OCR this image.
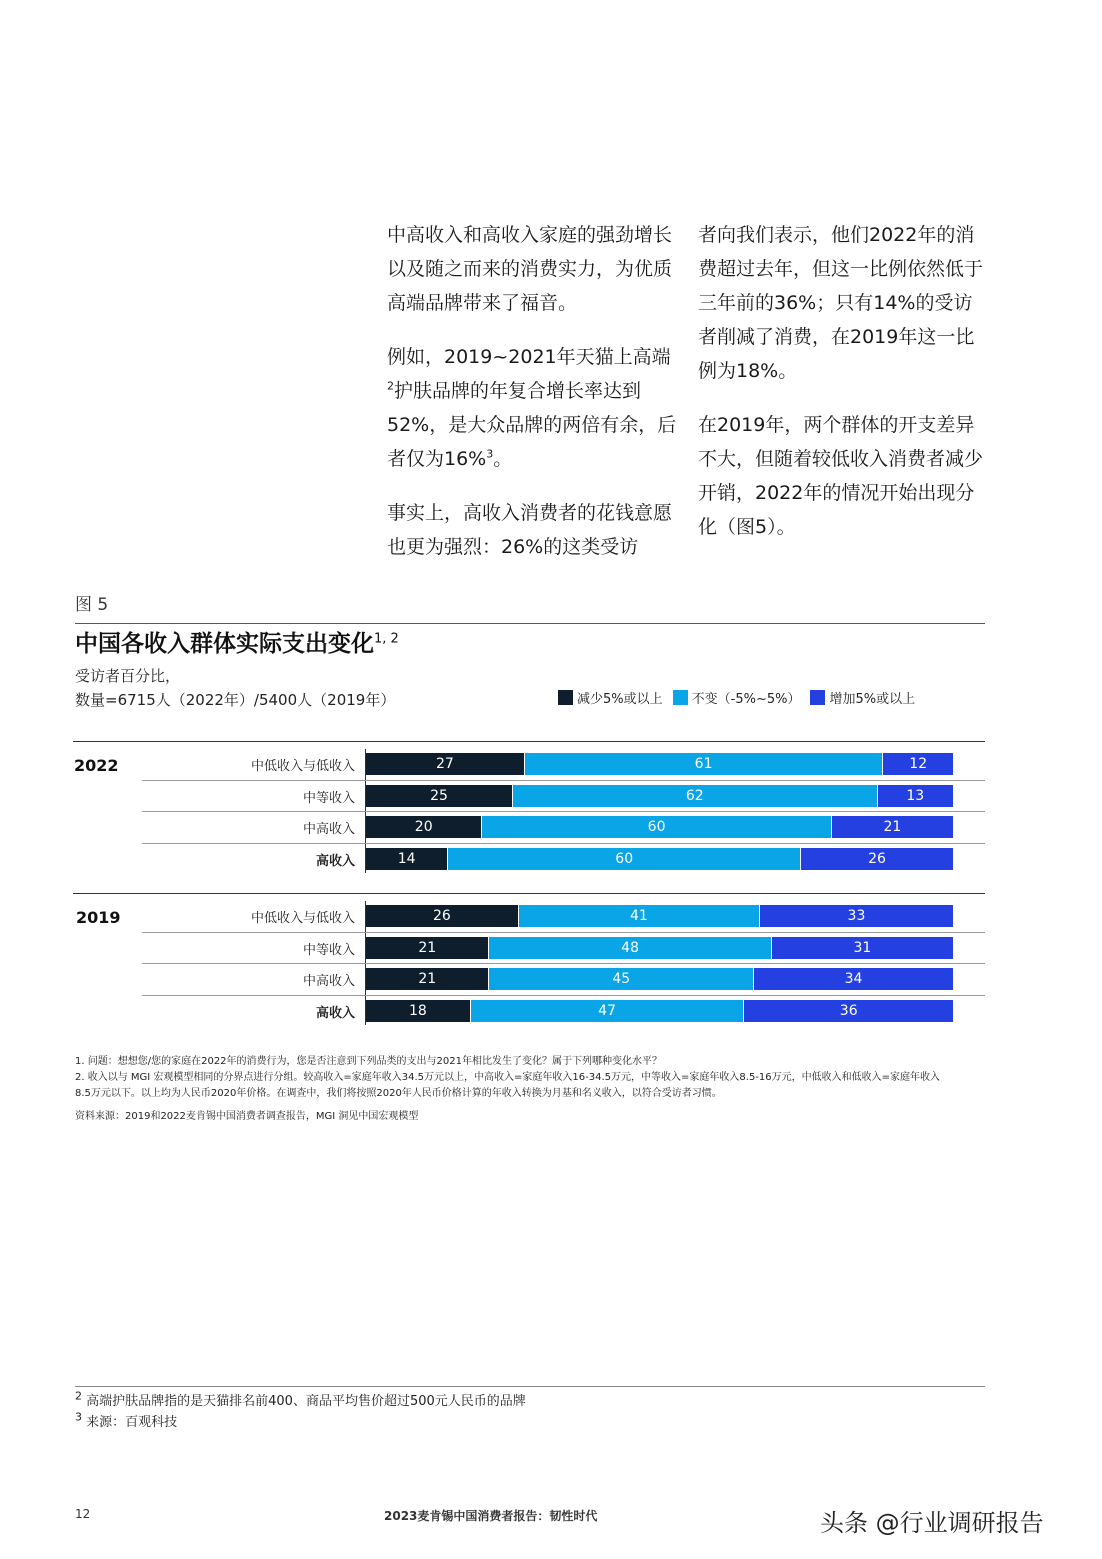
中高收入和高收入家庭的强劲增长以及随之而来的消费实力，为优质高端品牌带来了福音。

例如，2019~2021年天猫上高端$^2$护肤品牌的年复合增长率达到52%，是大众品牌的两倍有余，后者仅为16%$^3$。

事实上，高收入消费者的花钱意愿也更为强烈：26%的这类受访

者向我们表示，他们2022年的消费超过去年，但这一比例依然低于三年前的36%；只有14%的受访者削减了消费，在2019年这一比例为18%。

在2019年，两个群体的开支差异不大，但随着较低收入消费者减少开销，2022年的情况开始出现分化（图5）。

图 5
中国各收入群体实际支出变化$^{1, 2}$
受访者百分比，
数量=6715人（2022年）/5400人（2019年）	减少5%或以上 不变（-5%~5%） 增加5%或以上
2022	中低收入与低收入	27	61	12
中等收入	25	62	13
中高收入	20	60	21
高收入	14	60	26
2019	中低收入与低收入	26	41	33
中等收入	21	48	31
中高收入	21	45	34
高收入	18	47	36
1. 问题：想想您/您的家庭在2022年的消费行为，您是否注意到下列品类的支出与2021年相比发生了变化？属于下列哪种变化水平？
2. 收入以与 MGI 宏观模型相同的分界点进行分组。较高收入=家庭年收入34.5万元以上，中高收入=家庭年收入16-34.5万元，中等收入=家庭年收入8.5-16万元，中低收入和低收入=家庭年收入8.5万元以下。以上均为人民币2020年价格。在调查中，我们将按照2020年人民币价格计算的年收入转换为月基和名义收入，以符合受访者习惯。
资料来源：2019和2022麦肯锡中国消费者调查报告，MGI 洞见中国宏观模型
$^2$ 高端护肤品牌指的是天猫排名前400、商品平均售价超过500元人民币的品牌
$^3$ 来源：百观科技
12	2023麦肯锡中国消费者报告：韧性时代	头条 @行业调研报告
